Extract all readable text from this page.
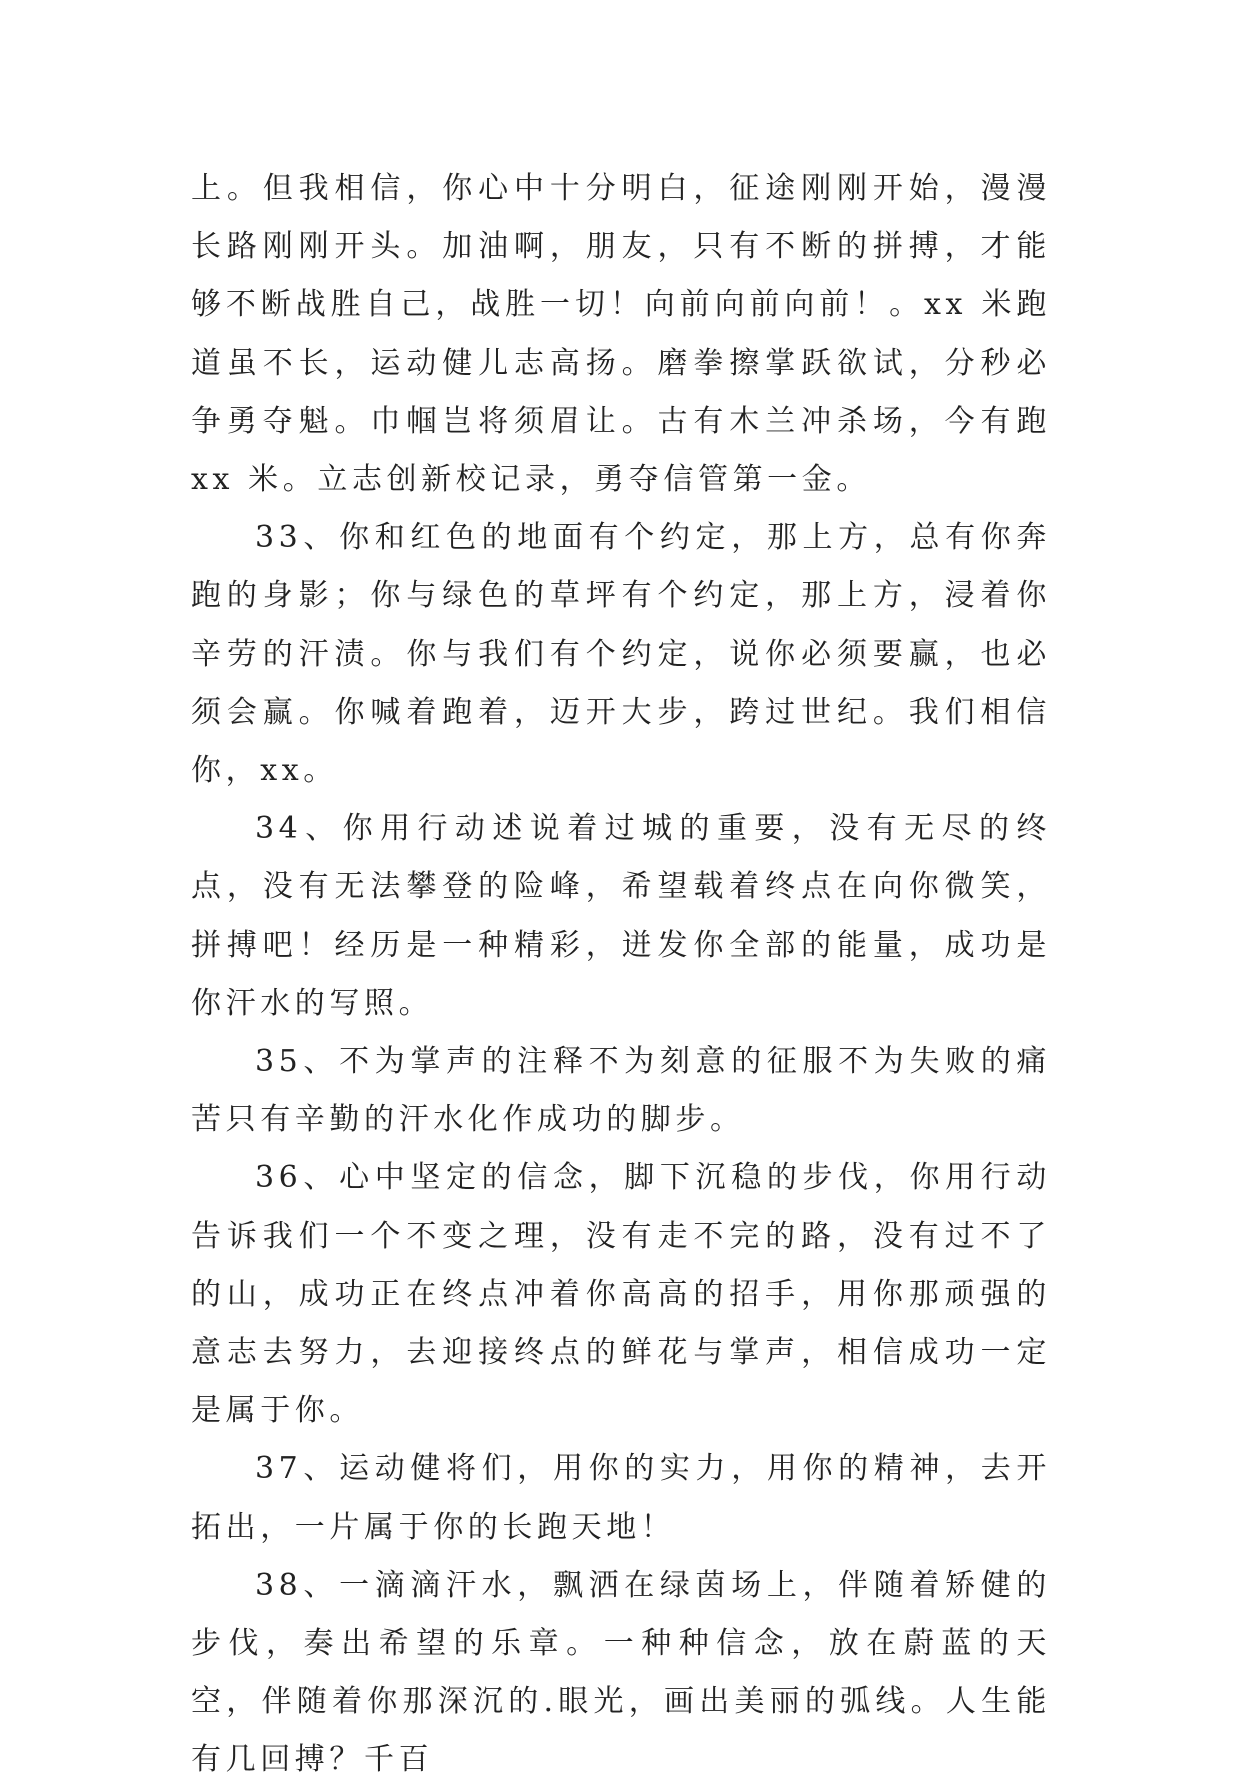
上。但我相信，你心中十分明白，征途刚刚开始，漫漫长路刚刚开头。加油啊，朋友，只有不断的拼搏，才能够不断战胜自己，战胜一切！向前向前向前！。xx 米跑道虽不长，运动健儿志高扬。磨拳擦掌跃欲试，分秒必争勇夺魁。巾帼岂将须眉让。古有木兰冲杀场，今有跑 xx 米。立志创新校记录，勇夺信管第一金。

33、你和红色的地面有个约定，那上方，总有你奔跑的身影；你与绿色的草坪有个约定，那上方，浸着你辛劳的汗渍。你与我们有个约定，说你必须要赢，也必须会赢。你喊着跑着，迈开大步，跨过世纪。我们相信你，xx。

34、你用行动述说着过城的重要，没有无尽的终点，没有无法攀登的险峰，希望载着终点在向你微笑，拼搏吧！经历是一种精彩，迸发你全部的能量，成功是你汗水的写照。

35、不为掌声的注释不为刻意的征服不为失败的痛苦只有辛勤的汗水化作成功的脚步。

36、心中坚定的信念，脚下沉稳的步伐，你用行动告诉我们一个不变之理，没有走不完的路，没有过不了的山，成功正在终点冲着你高高的招手，用你那顽强的意志去努力，去迎接终点的鲜花与掌声，相信成功一定是属于你。

37、运动健将们，用你的实力，用你的精神，去开拓出，一片属于你的长跑天地！

38、一滴滴汗水，飘洒在绿茵场上，伴随着矫健的步伐，奏出希望的乐章。一种种信念，放在蔚蓝的天空，伴随着你那深沉的.眼光，画出美丽的弧线。人生能有几回搏？千百
